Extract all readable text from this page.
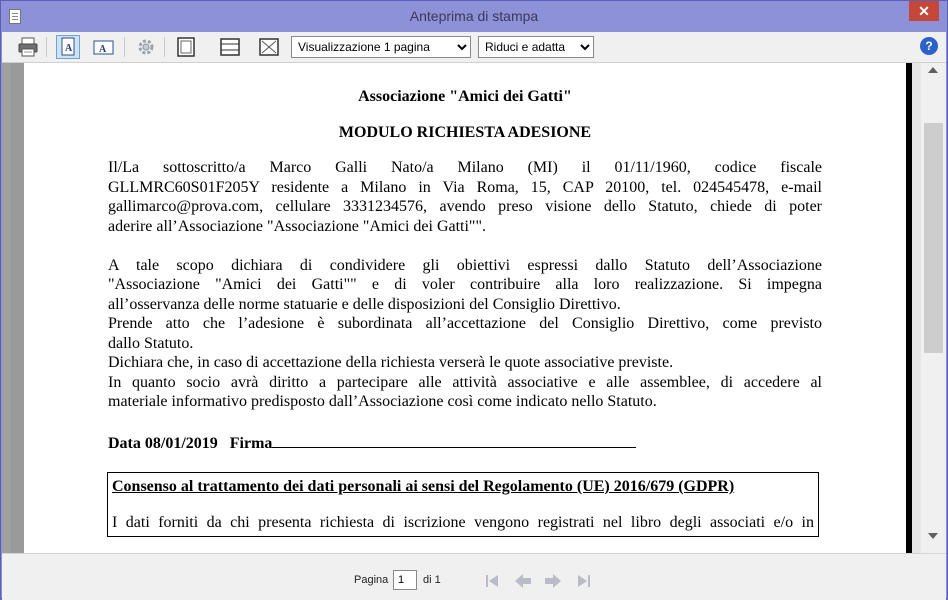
Anteprima di stampa	✕
A	A
Visualizzazione 1 pagina
Riduci e adatta	?
Associazione "Amici dei Gatti"
MODULO RICHIESTA ADESIONE

Il/La sottoscritto/a Marco Galli Nato/a Milano (MI) il 01/11/1960, codice fiscale

GLLMRC60S01F205Y residente a Milano in Via Roma, 15, CAP 20100, tel. 024545478, e-mail

gallimarco@prova.com, cellulare 3331234576, avendo preso visione dello Statuto, chiede di poter

aderire all’Associazione "Associazione "Amici dei Gatti"".

A tale scopo dichiara di condividere gli obiettivi espressi dallo Statuto dell’Associazione

"Associazione "Amici dei Gatti"" e di voler contribuire alla loro realizzazione. Si impegna

all’osservanza delle norme statuarie e delle disposizioni del Consiglio Direttivo.

Prende atto che l’adesione è subordinata all’accettazione del Consiglio Direttivo, come previsto

dallo Statuto.

Dichiara che, in caso di accettazione della richiesta verserà le quote associative previste.

In quanto socio avrà diritto a partecipare alle attività associative e alle assemblee, di accedere al

materiale informativo predisposto dall’Associazione così come indicato nello Statuto.

Data 08/01/2019 Firma
Consenso al trattamento dei dati personali ai sensi del Regolamento (UE) 2016/679 (GDPR)

I dati forniti da chi presenta richiesta di iscrizione vengono registrati nel libro degli associati e/o in

Pagina 1	di 1
